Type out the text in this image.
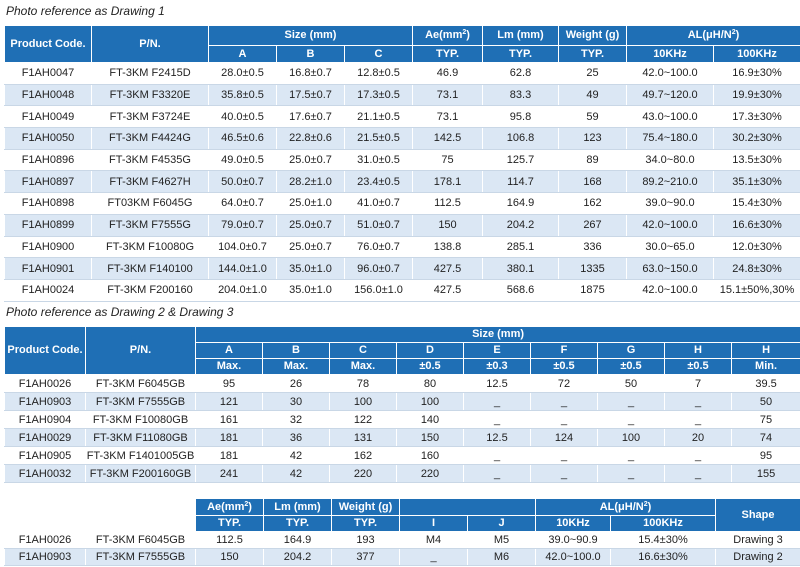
Photo reference as Drawing 1
Product Code.	P/N.	Size (mm)			$Ae(mm^2)$	Lm (mm)	Weight (g)	$AL(\mu H/N^2)$	
		A	B	C	TYP.	TYP.	TYP.	10KHz	100KHz
F1AH0047	FT-3KM F2415D	28.0±0.5	16.8±0.7	12.8±0.5	46.9	62.8	25	42.0~100.0	16.9±30%
F1AH0048	FT-3KM F3320E	35.8±0.5	17.5±0.7	17.3±0.5	73.1	83.3	49	49.7~120.0	19.9±30%
F1AH0049	FT-3KM F3724E	40.0±0.5	17.6±0.7	21.1±0.5	73.1	95.8	59	43.0~100.0	17.3±30%
F1AH0050	FT-3KM F4424G	46.5±0.6	22.8±0.6	21.5±0.5	142.5	106.8	123	75.4~180.0	30.2±30%
F1AH0896	FT-3KM F4535G	49.0±0.5	25.0±0.7	31.0±0.5	75	125.7	89	34.0~80.0	13.5±30%
F1AH0897	FT-3KM F4627H	50.0±0.7	28.2±1.0	23.4±0.5	178.1	114.7	168	89.2~210.0	35.1±30%
F1AH0898	FT03KM F6045G	64.0±0.7	25.0±1.0	41.0±0.7	112.5	164.9	162	39.0~90.0	15.4±30%
F1AH0899	FT-3KM F7555G	79.0±0.7	25.0±0.7	51.0±0.7	150	204.2	267	42.0~100.0	16.6±30%
F1AH0900	FT-3KM F10080G	104.0±0.7	25.0±0.7	76.0±0.7	138.8	285.1	336	30.0~65.0	12.0±30%
F1AH0901	FT-3KM F140100	144.0±1.0	35.0±1.0	96.0±0.7	427.5	380.1	1335	63.0~150.0	24.8±30%
F1AH0024	FT-3KM F200160	204.0±1.0	35.0±1.0	156.0±1.0	427.5	568.6	1875	42.0~100.0	15.1±50%,30%
Photo reference as Drawing 2 & Drawing 3
Product Code.	P/N.	Size (mm)								
		A	B	C	D	E	F	G	H	H
		Max.	Max.	Max.	±0.5	±0.3	±0.5	±0.5	±0.5	Min.
F1AH0026	FT-3KM F6045GB	95	26	78	80	12.5	72	50	7	39.5
F1AH0903	FT-3KM F7555GB	121	30	100	100	_	_	_	_	50
F1AH0904	FT-3KM F10080GB	161	32	122	140	_	_	_	_	75
F1AH0029	FT-3KM F11080GB	181	36	131	150	12.5	124	100	20	74
F1AH0905	FT-3KM F1401005GB	181	42	162	160	_	_	_	_	95
F1AH0032	FT-3KM F200160GB	241	42	220	220	_	_	_	_	155
		$Ae(mm^2)$	Lm (mm)	Weight (g)			$AL(\mu H/N^2)$		Shape
		TYP.	TYP.	TYP.	I	J	10KHz	100KHz	
F1AH0026	FT-3KM F6045GB	112.5	164.9	193	M4	M5	39.0~90.9	15.4±30%	Drawing 3
F1AH0903	FT-3KM F7555GB	150	204.2	377	_	M6	42.0~100.0	16.6±30%	Drawing 2
